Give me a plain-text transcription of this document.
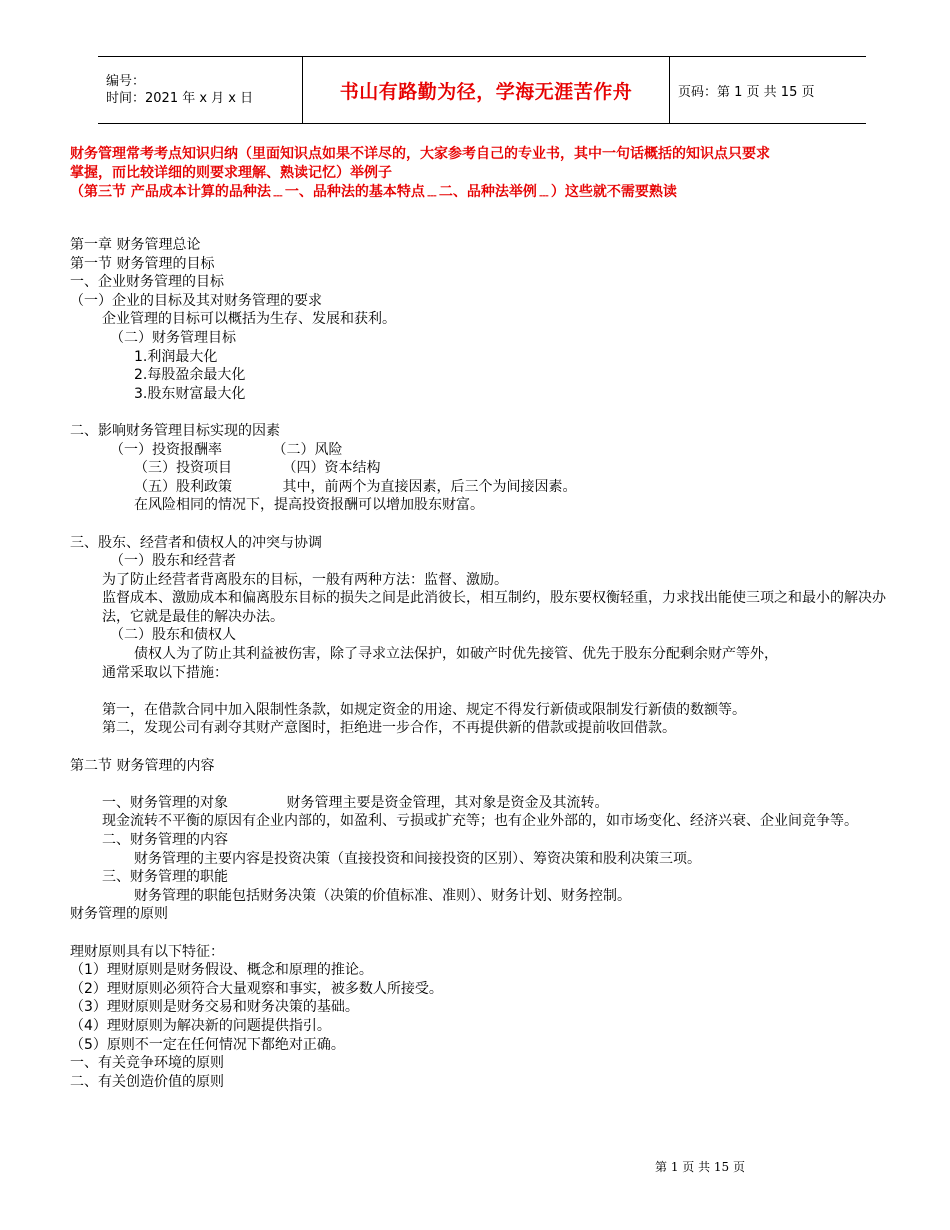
编号：
时间：2021 年 x 月 x 日	书山有路勤为径，学海无涯苦作舟	页码：第 1 页 共 15 页

财务管理常考考点知识归纳（里面知识点如果不详尽的，大家参考自己的专业书，其中一句话概括的知识点只要求

掌握，而比较详细的则要求理解、熟读记忆）举例子

（第三节 产品成本计算的品种法﹍一、品种法的基本特点﹍二、品种法举例﹍）这些就不需要熟读

第一章 财务管理总论
第一节 财务管理的目标
一、企业财务管理的目标
（一）企业的目标及其对财务管理的要求
企业管理的目标可以概括为生存、发展和获利。
（二）财务管理目标
1.利润最大化
2.每股盈余最大化
3.股东财富最大化
二、影响财务管理目标实现的因素
（一）投资报酬率	（二）风险
（三）投资项目	（四）资本结构
（五）股利政策	其中，前两个为直接因素，后三个为间接因素。
在风险相同的情况下，提高投资报酬可以增加股东财富。
三、股东、经营者和债权人的冲突与协调
（一）股东和经营者
为了防止经营者背离股东的目标，一般有两种方法：监督、激励。
监督成本、激励成本和偏离股东目标的损失之间是此消彼长，相互制约，股东要权衡轻重，力求找出能使三项之和最小的解决办法，它就是最佳的解决办法。
（二）股东和债权人
债权人为了防止其利益被伤害，除了寻求立法保护，如破产时优先接管、优先于股东分配剩余财产等外，
通常采取以下措施：
第一，在借款合同中加入限制性条款，如规定资金的用途、规定不得发行新债或限制发行新债的数额等。
第二，发现公司有剥夺其财产意图时，拒绝进一步合作，不再提供新的借款或提前收回借款。
第二节 财务管理的内容
一、财务管理的对象	财务管理主要是资金管理，其对象是资金及其流转。
现金流转不平衡的原因有企业内部的，如盈利、亏损或扩充等；也有企业外部的，如市场变化、经济兴衰、企业间竞争等。
二、财务管理的内容
财务管理的主要内容是投资决策（直接投资和间接投资的区别）、筹资决策和股利决策三项。
三、财务管理的职能
财务管理的职能包括财务决策（决策的价值标准、准则）、财务计划、财务控制。
财务管理的原则
理财原则具有以下特征：
（1）理财原则是财务假设、概念和原理的推论。
（2）理财原则必须符合大量观察和事实，被多数人所接受。
（3）理财原则是财务交易和财务决策的基础。
（4）理财原则为解决新的问题提供指引。
（5）原则不一定在任何情况下都绝对正确。
一、有关竞争环境的原则
二、有关创造价值的原则
第 1 页 共 15 页
